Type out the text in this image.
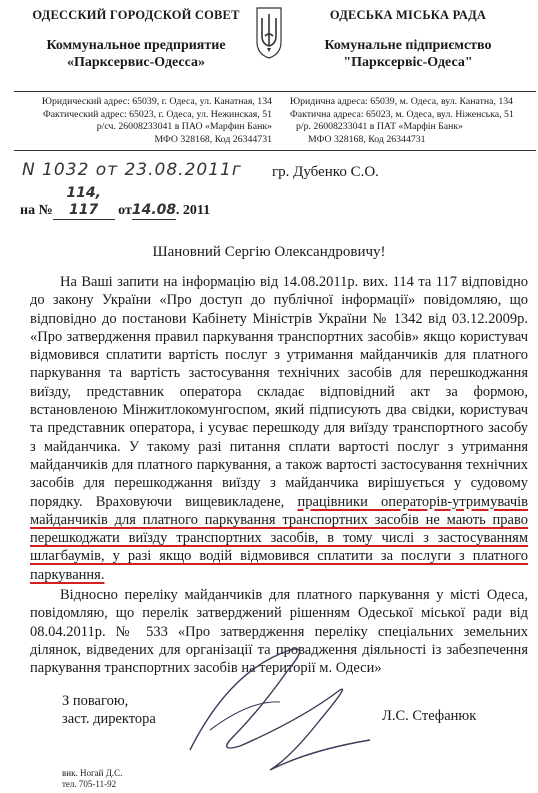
ОДЕССКИЙ ГОРОДСКОЙ СОВЕТ
Коммунальное предприятие
«Парксервис-Одесса»
ОДЕСЬКА МІСЬКА РАДА
Комунальне підприємство
"Парксервіс-Одеса"
Юридический адрес: 65039, г. Одеса, ул. Канатная, 134
Фактический адрес: 65023, г. Одеса, ул. Нежинская, 51
р/сч. 26008233041 в ПАО «Марфин Банк»
МФО 328168, Код 26344731
Юридична адреса: 65039, м. Одеса, вул. Канатна, 134
Фактична адреса: 65023, м. Одеса, вул. Ніженська, 51
р/р. 26008233041 в ПАТ «Марфін Банк»
МФО 328168, Код 26344731
N 1032 от 23.08.2011г гр. Дубенко С.О.
на №114, 117 от14.08. 2011
Шановний Сергію Олександровичу!

На Ваші запити на інформацію від 14.08.2011р. вих. 114 та 117 відповідно до закону України «Про доступ до публічної інформації» повідомляю, що відповідно до постанови Кабінету Міністрів України № 1342 від 03.12.2009р. «Про затвердження правил паркування транспортних засобів» якщо користувач відмовився сплатити вартість послуг з утримання майданчиків для платного паркування та вартість застосування технічних засобів для перешкоджання виїзду, представник оператора складає відповідний акт за формою, встановленою Мінжитлокомунгоспом, який підписують два свідки, користувач та представник оператора, і усуває перешкоду для виїзду транспортного засобу з майданчика. У такому разі питання сплати вартості послуг з утримання майданчиків для платного паркування, а також вартості застосування технічних засобів для перешкоджання виїзду з майданчика вирішується у судовому порядку. Враховуючи вищевикладене, працівники операторів-утримувачів майданчиків для платного паркування транспортних засобів не мають право перешкоджати виїзду транспортних засобів, в тому числі з застосуванням шлагбаумів, у разі якщо водій відмовився сплатити за послуги з платного паркування.

Відносно переліку майданчиків для платного паркування у місті Одеса, повідомляю, що перелік затверджений рішенням Одеської міської ради від 08.04.2011р. № 533 «Про затвердження переліку спеціальних земельних ділянок, відведених для організації та провадження діяльності із забезпечення паркування транспортних засобів на території м. Одеси»

З повагою,
заст. директора	Л.С. Стефанюк
вик. Ногай Д.С.
тел. 705-11-92
